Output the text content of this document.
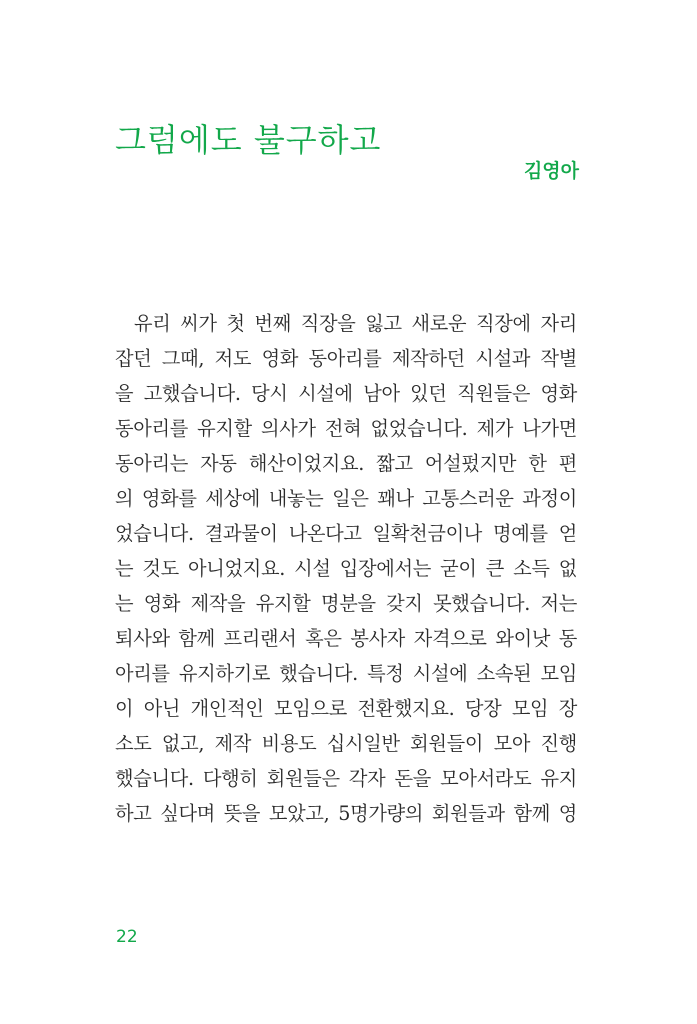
그럼에도 불구하고
김영아
유리 씨가 첫 번째 직장을 잃고 새로운 직장에 자리
잡던 그때, 저도 영화 동아리를 제작하던 시설과 작별
을 고했습니다. 당시 시설에 남아 있던 직원들은 영화
동아리를 유지할 의사가 전혀 없었습니다. 제가 나가면
동아리는 자동 해산이었지요. 짧고 어설펐지만 한 편
의 영화를 세상에 내놓는 일은 꽤나 고통스러운 과정이
었습니다. 결과물이 나온다고 일확천금이나 명예를 얻
는 것도 아니었지요. 시설 입장에서는 굳이 큰 소득 없
는 영화 제작을 유지할 명분을 갖지 못했습니다. 저는
퇴사와 함께 프리랜서 혹은 봉사자 자격으로 와이낫 동
아리를 유지하기로 했습니다. 특정 시설에 소속된 모임
이 아닌 개인적인 모임으로 전환했지요. 당장 모임 장
소도 없고, 제작 비용도 십시일반 회원들이 모아 진행
했습니다. 다행히 회원들은 각자 돈을 모아서라도 유지
하고 싶다며 뜻을 모았고, 5명가량의 회원들과 함께 영
22
